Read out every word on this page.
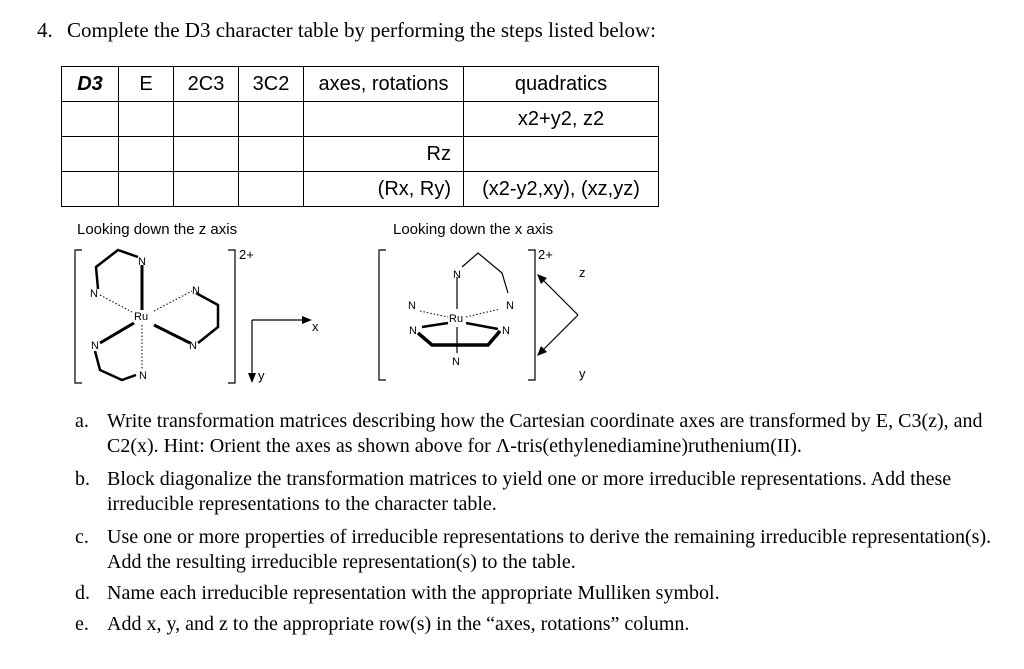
4. Complete the D3 character table by performing the steps listed below:
D3	E	2C3	3C2	axes, rotations	quadratics
					x2+y2, z2
				Rz	
				(Rx, Ry)	(x2-y2,xy), (xz,yz)
Looking down the z axis
N
N	N
N	N
N
Ru
2+
x
y
Looking down the x axis
N
N	N
N	N
N
Ru
2+
z
y
a. Write transformation matrices describing how the Cartesian coordinate axes are transformed by E, C3(z), and C2(x). Hint: Orient the axes as shown above for Λ-tris(ethylenediamine)ruthenium(II).
b. Block diagonalize the transformation matrices to yield one or more irreducible representations. Add these irreducible representations to the character table.
c. Use one or more properties of irreducible representations to derive the remaining irreducible representation(s). Add the resulting irreducible representation(s) to the table.
d. Name each irreducible representation with the appropriate Mulliken symbol.
e. Add x, y, and z to the appropriate row(s) in the “axes, rotations” column.
